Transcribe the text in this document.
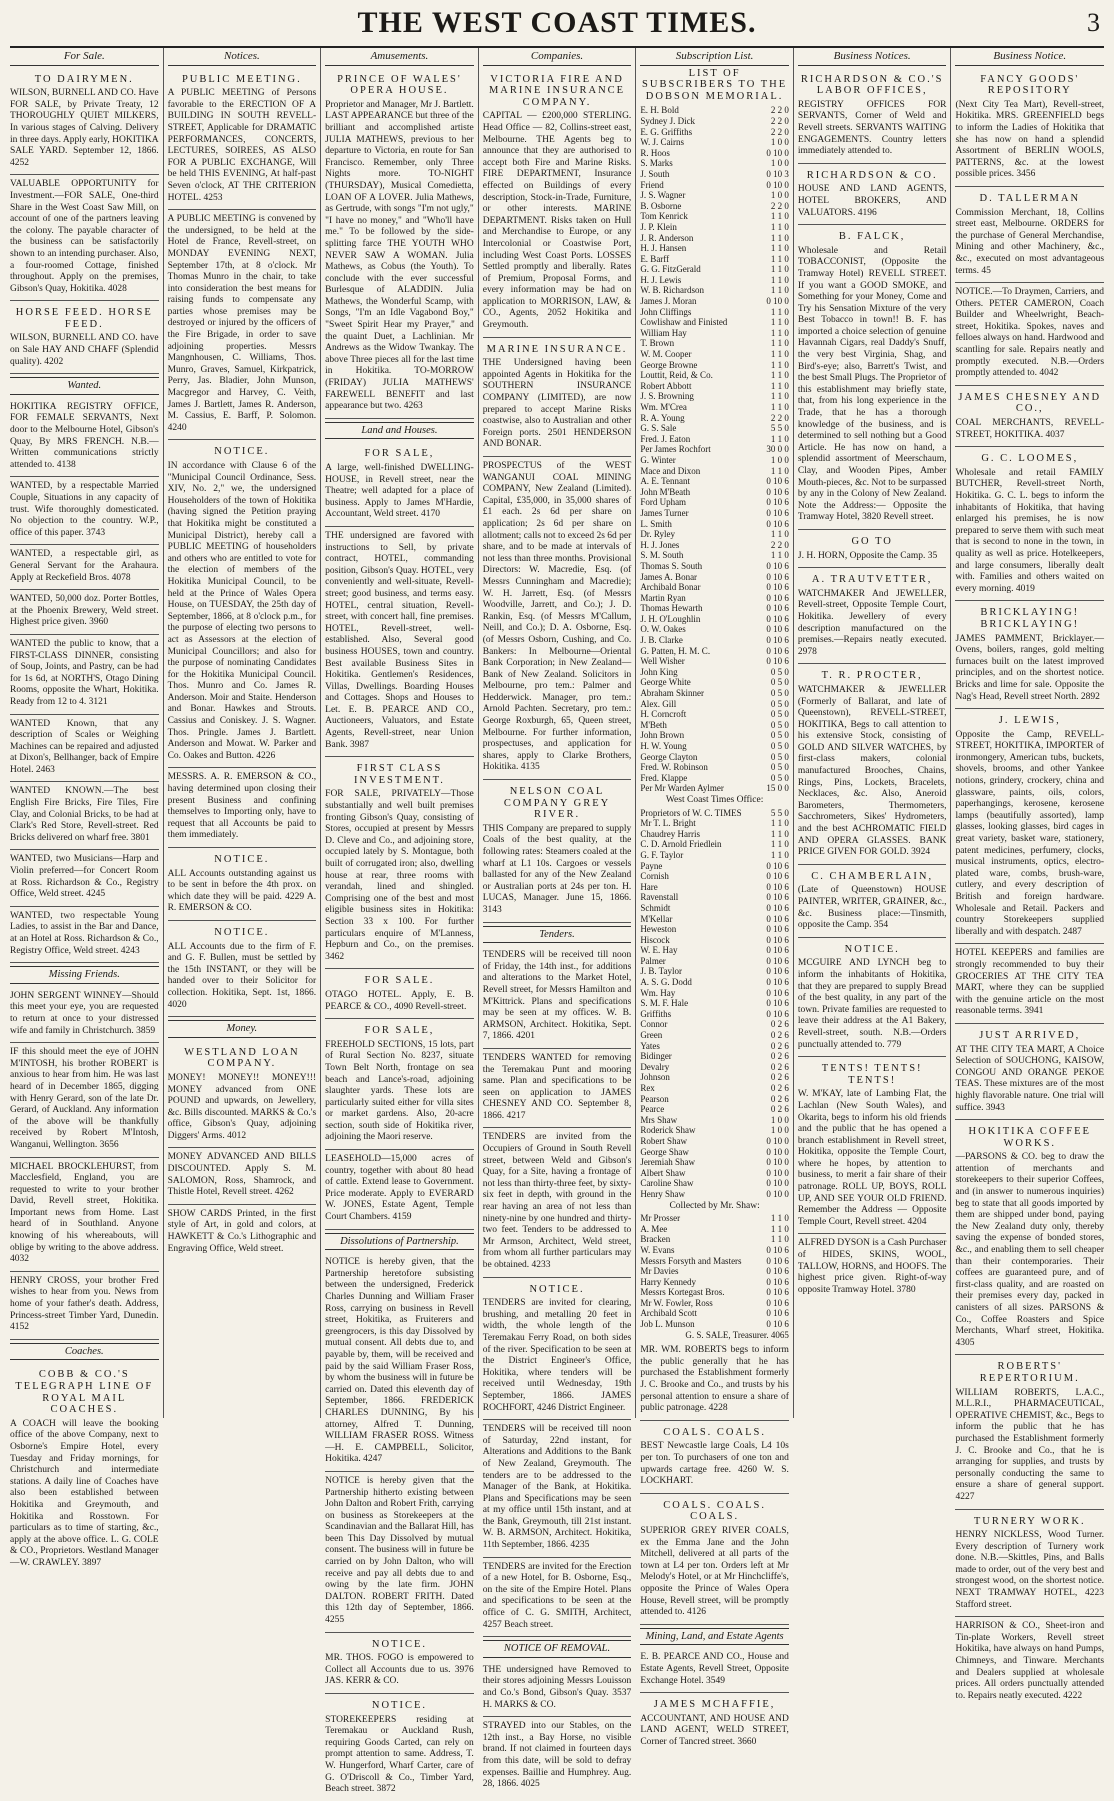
THE WEST COAST TIMES.	3
For Sale.
TO DAIRYMEN.

WILSON, BURNELL AND CO. Have FOR SALE, by Private Treaty, 12 THOROUGHLY QUIET MILKERS, In various stages of Calving. Delivery in three days. Apply early, HOKITIKA SALE YARD. September 12, 1866. 4252

VALUABLE OPPORTUNITY for Investment.—FOR SALE, One-third Share in the West Coast Saw Mill, on account of one of the partners leaving the colony. The payable character of the business can be satisfactorily shown to an intending purchaser. Also, a four-roomed Cottage, finished throughout. Apply on the premises, Gibson's Quay, Hokitika. 4028

HORSE FEED. HORSE FEED.

WILSON, BURNELL AND CO. have on Sale HAY AND CHAFF (Splendid quality). 4202

Wanted.

HOKITIKA REGISTRY OFFICE, FOR FEMALE SERVANTS, Next door to the Melbourne Hotel, Gibson's Quay, By MRS FRENCH. N.B.—Written communications strictly attended to. 4138

WANTED, by a respectable Married Couple, Situations in any capacity of trust. Wife thoroughly domesticated. No objection to the country. W.P., office of this paper. 3743

WANTED, a respectable girl, as General Servant for the Arahaura. Apply at Reckefield Bros. 4078

WANTED, 50,000 doz. Porter Bottles, at the Phoenix Brewery, Weld street. Highest price given. 3960

WANTED the public to know, that a FIRST-CLASS DINNER, consisting of Soup, Joints, and Pastry, can be had for 1s 6d, at NORTH'S, Otago Dining Rooms, opposite the Whart, Hokitika. Ready from 12 to 4. 3121

WANTED Known, that any description of Scales or Weighing Machines can be repaired and adjusted at Dixon's, Bellhanger, back of Empire Hotel. 2463

WANTED KNOWN.—The best English Fire Bricks, Fire Tiles, Fire Clay, and Colonial Bricks, to be had at Clark's Red Store, Revell-street. Red Bricks delivered on wharf free. 3801

WANTED, two Musicians—Harp and Violin preferred—for Concert Room at Ross. Richardson & Co., Registry Office, Weld street. 4245

WANTED, two respectable Young Ladies, to assist in the Bar and Dance, at an Hotel at Ross. Richardson & Co., Registry Office, Weld street. 4243

Missing Friends.

JOHN SERGENT WINNEY—Should this meet your eye, you are requested to return at once to your distressed wife and family in Christchurch. 3859

IF this should meet the eye of JOHN M'INTOSH, his brother ROBERT is anxious to hear from him. He was last heard of in December 1865, digging with Henry Gerard, son of the late Dr. Gerard, of Auckland. Any information of the above will be thankfully received by Robert M'Intosh, Wanganui, Wellington. 3656

MICHAEL BROCKLEHURST, from Macclesfield, England, you are requested to write to your brother David, Revell street, Hokitika. Important news from Home. Last heard of in Southland. Anyone knowing of his whereabouts, will oblige by writing to the above address. 4032

HENRY CROSS, your brother Fred wishes to hear from you. News from home of your father's death. Address, Princess-street Timber Yard, Dunedin. 4152

Coaches.
COBB & CO.'S TELEGRAPH LINE OF ROYAL MAIL COACHES.

A COACH will leave the booking office of the above Company, next to Osborne's Empire Hotel, every Tuesday and Friday mornings, for Christchurch and intermediate stations. A daily line of Coaches have also been established between Hokitika and Greymouth, and Hokitika and Rosstown. For particulars as to time of starting, &c., apply at the above office. L. G. COLE & CO., Proprietors. Westland Manager—W. CRAWLEY. 3897

Notices.
PUBLIC MEETING.

A PUBLIC MEETING of Persons favorable to the ERECTION OF A BUILDING IN SOUTH REVELL-STREET, Applicable for DRAMATIC PERFORMANCES, CONCERTS, LECTURES, SOIREES, AS ALSO FOR A PUBLIC EXCHANGE, Will be held THIS EVENING, At half-past Seven o'clock, AT THE CRITERION HOTEL. 4253

A PUBLIC MEETING is convened by the undersigned, to be held at the Hotel de France, Revell-street, on MONDAY EVENING NEXT, September 17th, at 8 o'clock. Mr Thomas Munro in the chair, to take into consideration the best means for raising funds to compensate any parties whose premises may be destroyed or injured by the officers of the Fire Brigade, in order to save adjoining properties. Messrs Mangnhousen, C. Williams, Thos. Munro, Graves, Samuel, Kirkpatrick, Perry, Jas. Bladier, John Munson, Macgregor and Harvey, C. Veith, James J. Bartlett, James R. Anderson, M. Cassius, E. Barff, P. Solomon. 4240

NOTICE.

IN accordance with Clause 6 of the "Municipal Council Ordinance, Sess. XIV, No. 2," we, the undersigned Householders of the town of Hokitika (having signed the Petition praying that Hokitika might be constituted a Municipal District), hereby call a PUBLIC MEETING of householders and others who are entitled to vote for the election of members of the Hokitika Municipal Council, to be held at the Prince of Wales Opera House, on TUESDAY, the 25th day of September, 1866, at 8 o'clock p.m., for the purpose of electing two persons to act as Assessors at the election of Municipal Councillors; and also for the purpose of nominating Candidates for the Hokitika Municipal Council. Thos. Munro and Co. James R. Anderson. Moir and Staite. Henderson and Bonar. Hawkes and Strouts. Cassius and Coniskey. J. S. Wagner. Thos. Pringle. James J. Bartlett. Anderson and Mowat. W. Parker and Co. Oakes and Button. 4226

MESSRS. A. R. EMERSON & CO., having determined upon closing their present Business and confining themselves to Importing only, have to request that all Accounts be paid to them immediately.

NOTICE.

ALL Accounts outstanding against us to be sent in before the 4th prox. on which date they will be paid. 4229 A. R. EMERSON & CO.

NOTICE.

ALL Accounts due to the firm of F. and G. F. Bullen, must be settled by the 15th INSTANT, or they will be handed over to their Solicitor for collection. Hokitika, Sept. 1st, 1866. 4020

Money.
WESTLAND LOAN COMPANY.

MONEY! MONEY!! MONEY!!! MONEY advanced from ONE POUND and upwards, on Jewellery, &c. Bills discounted. MARKS & Co.'s office, Gibson's Quay, adjoining Diggers' Arms. 4012

MONEY ADVANCED AND BILLS DISCOUNTED. Apply S. M. SALOMON, Ross, Shamrock, and Thistle Hotel, Revell street. 4262

SHOW CARDS Printed, in the first style of Art, in gold and colors, at HAWKETT & Co.'s Lithographic and Engraving Office, Weld street.

Amusements.
PRINCE OF WALES' OPERA HOUSE.

Proprietor and Manager, Mr J. Bartlett. LAST APPEARANCE but three of the brilliant and accomplished artiste JULIA MATHEWS, previous to her departure to Victoria, en route for San Francisco. Remember, only Three Nights more. TO-NIGHT (THURSDAY), Musical Comedietta, LOAN OF A LOVER. Julia Mathews, as Gertrude, with songs "I'm not ugly," "I have no money," and "Who'll have me." To be followed by the side-splitting farce THE YOUTH WHO NEVER SAW A WOMAN. Julia Mathews, as Cobus (the Youth). To conclude with the ever successful Burlesque of ALADDIN. Julia Mathews, the Wonderful Scamp, with Songs, "I'm an Idle Vagabond Boy," "Sweet Spirit Hear my Prayer," and the quaint Duet, a Lachlinian. Mr Andrews as the Widow Twankay. The above Three pieces all for the last time in Hokitika. TO-MORROW (FRIDAY) JULIA MATHEWS' FAREWELL BENEFIT and last appearance but two. 4263

Land and Houses.
FOR SALE,

A large, well-finished DWELLING-HOUSE, in Revell street, near the Theatre; well adapted for a place of business. Apply to James M'Hardie, Accountant, Weld street. 4170

THE undersigned are favored with instructions to Sell, by private contract, HOTEL, commanding position, Gibson's Quay. HOTEL, very conveniently and well-situate, Revell-street; good business, and terms easy. HOTEL, central situation, Revell-street, with concert hall, fine premises. HOTEL, Revell-street, well-established. Also, Several good business HOUSES, town and country. Best available Business Sites in Hokitika. Gentlemen's Residences, Villas, Dwellings. Boarding Houses and Cottages. Shops and Houses to Let. E. B. PEARCE AND CO., Auctioneers, Valuators, and Estate Agents, Revell-street, near Union Bank. 3987

FIRST CLASS INVESTMENT.

FOR SALE, PRIVATELY—Those substantially and well built premises fronting Gibson's Quay, consisting of Stores, occupied at present by Messrs D. Cleve and Co., and adjoining store, occupied lately by S. Montague, both built of corrugated iron; also, dwelling house at rear, three rooms with verandah, lined and shingled. Comprising one of the best and most eligible business sites in Hokitika: Section 33 x 100. For further particulars enquire of M'Lanness, Hepburn and Co., on the premises. 3462

FOR SALE.

OTAGO HOTEL. Apply, E. B. PEARCE & CO., 4090 Revell-street.

FOR SALE,

FREEHOLD SECTIONS, 15 lots, part of Rural Section No. 8237, situate Town Belt North, frontage on sea beach and Lance's-road, adjoining slaughter yards. These lots are particularly suited either for villa sites or market gardens. Also, 20-acre section, south side of Hokitika river, adjoining the Maori reserve.

LEASEHOLD—15,000 acres of country, together with about 80 head of cattle. Extend lease to Government. Price moderate. Apply to EVERARD W. JONES, Estate Agent, Temple Court Chambers. 4159

Dissolutions of Partnership.

NOTICE is hereby given, that the Partnership heretofore subsisting between the undersigned, Frederick Charles Dunning and William Fraser Ross, carrying on business in Revell street, Hokitika, as Fruiterers and greengrocers, is this day Dissolved by mutual consent. All debts due to, and payable by, them, will be received and paid by the said William Fraser Ross, by whom the business will in future be carried on. Dated this eleventh day of September, 1866. FREDERICK CHARLES DUNNING, By his attorney, Alfred T. Dunning, WILLIAM FRASER ROSS. Witness—H. E. CAMPBELL, Solicitor, Hokitika. 4247

NOTICE is hereby given that the Partnership hitherto existing between John Dalton and Robert Frith, carrying on business as Storekeepers at the Scandinavian and the Ballarat Hill, has been This Day Dissolved by mutual consent. The business will in future be carried on by John Dalton, who will receive and pay all debts due to and owing by the late firm. JOHN DALTON. ROBERT FRITH. Dated this 12th day of September, 1866. 4255

NOTICE.

MR. THOS. FOGO is empowered to Collect all Accounts due to us. 3976 JAS. KERR & CO.

NOTICE.

STOREKEEPERS residing at Teremakau or Auckland Rush, requiring Goods Carted, can rely on prompt attention to same. Address, T. W. Hungerford, Wharf Carter, care of G. O'Driscoll & Co., Timber Yard, Beach street. 3872

Companies.
VICTORIA FIRE AND MARINE INSURANCE COMPANY.

CAPITAL — £200,000 STERLING. Head Office — 82, Collins-street east, Melbourne. THE Agents beg to announce that they are authorised to accept both Fire and Marine Risks. FIRE DEPARTMENT, Insurance effected on Buildings of every description, Stock-in-Trade, Furniture, or other interests. MARINE DEPARTMENT. Risks taken on Hull and Merchandise to Europe, or any Intercolonial or Coastwise Port, including West Coast Ports. LOSSES Settled promptly and liberally. Rates of Premium, Proposal Forms, and every information may be had on application to MORRISON, LAW, & CO., Agents, 2052 Hokitika and Greymouth.

MARINE INSURANCE.

THE Undersigned having been appointed Agents in Hokitika for the SOUTHERN INSURANCE COMPANY (LIMITED), are now prepared to accept Marine Risks coastwise, also to Australian and other Foreign ports. 2501 HENDERSON AND BONAR.

PROSPECTUS of the WEST WANGANUI COAL MINING COMPANY, New Zealand (Limited). Capital, £35,000, in 35,000 shares of £1 each. 2s 6d per share on application; 2s 6d per share on allotment; calls not to exceed 2s 6d per share, and to be made at intervals of not less than three months. Provisional Directors: W. Macredie, Esq. (of Messrs Cunningham and Macredie); W. H. Jarrett, Esq. (of Messrs Woodville, Jarrett, and Co.); J. D. Rankin, Esq. (of Messrs M'Callum, Neill, and Co.); D. A. Osborne, Esq. (of Messrs Osborn, Cushing, and Co. Bankers: In Melbourne—Oriental Bank Corporation; in New Zealand—Bank of New Zealand. Solicitors in Melbourne, pro tem.: Palmer and Hedderwick. Manager, pro tem.: Arnold Pachten. Secretary, pro tem.: George Roxburgh, 65, Queen street, Melbourne. For further information, prospectuses, and application for shares, apply to Clarke Brothers, Hokitika. 4135

NELSON COAL COMPANY GREY RIVER.

THIS Company are prepared to supply Coals of the best quality, at the following rates: Steamers coaled at the wharf at L1 10s. Cargoes or vessels ballasted for any of the New Zealand or Australian ports at 24s per ton. H. LUCAS, Manager. June 15, 1866. 3143

Tenders.

TENDERS will be received till noon of Friday, the 14th inst., for additions and alterations to the Market Hotel, Revell street, for Messrs Hamilton and M'Kittrick. Plans and specifications may be seen at my offices. W. B. ARMSON, Architect. Hokitika, Sept. 7, 1866. 4201

TENDERS WANTED for removing the Teremakau Punt and mooring same. Plan and specifications to be seen on application to JAMES CHESNEY AND CO. September 8, 1866. 4217

TENDERS are invited from the Occupiers of Ground in South Revell street, between Weld and Gibson's Quay, for a Site, having a frontage of not less than thirty-three feet, by sixty-six feet in depth, with ground in the rear having an area of not less than ninety-nine by one hundred and thirty-two feet. Tenders to be addressed to Mr Armson, Architect, Weld street, from whom all further particulars may be obtained. 4233

NOTICE.

TENDERS are invited for clearing, brushing, and metalling 20 feet in width, the whole length of the Teremakau Ferry Road, on both sides of the river. Specification to be seen at the District Engineer's Office, Hokitika, where tenders will be received until Wednesday, 19th September, 1866. JAMES ROCHFORT, 4246 District Engineer.

TENDERS will be received till noon of Saturday, 22nd instant, for Alterations and Additions to the Bank of New Zealand, Greymouth. The tenders are to be addressed to the Manager of the Bank, at Hokitika. Plans and Specifications may be seen at my office until 15th instant, and at the Bank, Greymouth, till 21st instant. W. B. ARMSON, Architect. Hokitika, 11th September, 1866. 4235

TENDERS are invited for the Erection of a new Hotel, for B. Osborne, Esq., on the site of the Empire Hotel. Plans and specifications to be seen at the office of C. G. SMITH, Architect, 4257 Beach street.

NOTICE OF REMOVAL.

THE undersigned have Removed to their stores adjoining Messrs Louisson and Co.'s Bond, Gibson's Quay. 3537 H. MARKS & CO.

STRAYED into our Stables, on the 12th inst., a Bay Horse, no visible brand. If not claimed in fourteen days from this date, will be sold to defray expenses. Baillie and Humphrey. Aug. 28, 1866. 4025

Subscription List.
LIST OF SUBSCRIBERS TO THE DOBSON MEMORIAL.
E. H. Bold	2 2 0
Sydney J. Dick	2 2 0
E. G. Griffiths	2 2 0
W. J. Cairns	1 0 0
R. Hoos	0 10 0
S. Marks	1 0 0
J. South	0 10 3
Friend	0 10 0
J. S. Wagner	1 0 0
B. Osborne	2 2 0
Tom Kenrick	1 1 0
J. P. Klein	1 1 0
J. R. Anderson	1 1 0
H. J. Hansen	1 1 0
E. Barff	1 1 0
G. G. FitzGerald	1 1 0
H. J. Lewis	1 1 0
W. B. Richardson	1 1 0
James J. Moran	0 10 0
John Cliffings	1 1 0
Cowlishaw and Finisted	1 1 0
William Hay	1 1 0
T. Brown	1 1 0
W. M. Cooper	1 1 0
George Browne	1 1 0
Louttit, Reid, & Co.	1 1 0
Robert Abbott	1 1 0
J. S. Browning	1 1 0
Wm. M'Crea	1 1 0
R. A. Young	2 2 0
G. S. Sale	5 5 0
Fred. J. Eaton	1 1 0
Per James Rochfort	30 0 0
G. Winter	1 0 0
Mace and Dixon	1 1 0
A. E. Tennant	0 10 6
John M'Beath	0 10 6
Ford Upham	0 10 6
James Turner	0 10 6
L. Smith	0 10 6
Dr. Ryley	1 1 0
H. J. Jones	2 2 0
S. M. South	1 1 0
Thomas S. South	0 10 6
James A. Bonar	0 10 6
Archibald Bonar	0 10 6
Martin Ryan	0 10 6
Thomas Hewarth	0 10 6
J. H. O'Loughlin	0 10 6
O. W. Oakes	0 10 6
J. B. Clarke	0 10 6
G. Patten, H. M. C.	0 10 6
Well Wisher	0 10 6
John King	0 5 0
George White	0 5 0
Abraham Skinner	0 5 0
Alex. Gill	0 5 0
H. Corncroft	0 5 0
M'Beth	0 5 0
John Brown	0 5 0
H. W. Young	0 5 0
George Clayton	0 5 0
Fred. W. Robinson	0 5 0
Fred. Klappe	0 5 0
Per Mr Warden Aylmer	15 0 0
West Coast Times Office:
Proprietors of W. C. TIMES	5 5 0
Mr T. L. Bright	1 1 0
Chaudrey Harris	1 1 0
C. D. Arnold Friedlein	1 1 0
G. F. Taylor	1 1 0
Payne	0 10 6
Cornish	0 10 6
Hare	0 10 6
Ravenstall	0 10 6
Schmidt	0 10 6
M'Kellar	0 10 6
Heweston	0 10 6
Hiscock	0 10 6
W. E. Hay	0 10 6
Palmer	0 10 6
J. B. Taylor	0 10 6
A. S. G. Dodd	0 10 6
Wm. Hay	0 10 6
S. M. F. Hale	0 10 6
Griffiths	0 10 6
Connor	0 2 6
Green	0 2 6
Yates	0 2 6
Bidinger	0 2 6
Devalry	0 2 6
Johnson	0 2 6
Rex	0 2 6
Pearson	0 2 6
Pearce	0 2 6
Mrs Shaw	1 0 0
Roderick Shaw	1 0 0
Robert Shaw	0 10 0
George Shaw	0 10 0
Jeremiah Shaw	0 10 0
Albert Shaw	0 10 0
Caroline Shaw	0 10 0
Henry Shaw	0 10 0
Collected by Mr. Shaw:
Mr Prosser	1 1 0
A. Mee	1 1 0
Bracken	1 1 0
W. Evans	0 10 6
Messrs Forsyth and Masters	0 10 6
Mr Davies	0 10 6
Harry Kennedy	0 10 6
Messrs Kortegast Bros.	0 10 6
Mr W. Fowler, Ross	0 10 6
Archibald Scott	0 10 6
Job L. Munson	0 10 6
G. S. SALE, Treasurer. 4065

MR. WM. ROBERTS begs to inform the public generally that he has purchased the Establishment formerly J. C. Brooke and Co., and trusts by his personal attention to ensure a share of public patronage. 4228

COALS. COALS.

BEST Newcastle large Coals, L4 10s per ton. To purchasers of one ton and upwards cartage free. 4260 W. S. LOCKHART.

COALS. COALS. COALS.

SUPERIOR GREY RIVER COALS, ex the Emma Jane and the John Mitchell, delivered at all parts of the town at L4 per ton. Orders left at Mr Melody's Hotel, or at Mr Hinchcliffe's, opposite the Prince of Wales Opera House, Revell street, will be promptly attended to. 4126

Mining, Land, and Estate Agents

E. B. PEARCE AND CO., House and Estate Agents, Revell Street, Opposite Exchange Hotel. 3549

JAMES MCHAFFIE,

ACCOUNTANT, AND HOUSE AND LAND AGENT, WELD STREET, Corner of Tancred street. 3660

Business Notices.
RICHARDSON & CO.'S LABOR OFFICES,

REGISTRY OFFICES FOR SERVANTS, Corner of Weld and Revell streets. SERVANTS WAITING ENGAGEMENTS. Country letters immediately attended to.

RICHARDSON & CO.

HOUSE AND LAND AGENTS, HOTEL BROKERS, AND VALUATORS. 4196

B. FALCK,

Wholesale and Retail TOBACCONIST, (Opposite the Tramway Hotel) REVELL STREET. If you want a GOOD SMOKE, and Something for your Money, Come and Try his Sensation Mixture of the very Best Tobacco in town!! B. F. has imported a choice selection of genuine Havannah Cigars, real Daddy's Snuff, the very best Virginia, Shag, and Bird's-eye; also, Barrett's Twist, and the best Small Plugs. The Proprietor of this establishment may briefly state, that, from his long experience in the Trade, that he has a thorough knowledge of the business, and is determined to sell nothing but a Good Article. He has now on hand, a splendid assortment of Meerschaum, Clay, and Wooden Pipes, Amber Mouth-pieces, &c. Not to be surpassed by any in the Colony of New Zealand. Note the Address:— Opposite the Tramway Hotel, 3820 Revell street.

GO TO

J. H. HORN, Opposite the Camp. 35

A. TRAUTVETTER,

WATCHMAKER And JEWELLER, Revell-street, Opposite Temple Court, Hokitika. Jewellery of every description manufactured on the premises.—Repairs neatly executed. 2978

T. R. PROCTER,

WATCHMAKER & JEWELLER (Formerly of Ballarat, and late of Queenstown), REVELL-STREET, HOKITIKA, Begs to call attention to his extensive Stock, consisting of GOLD AND SILVER WATCHES, by first-class makers, colonial manufactured Brooches, Chains, Rings, Pins, Lockets, Bracelets, Necklaces, &c. Also, Aneroid Barometers, Thermometers, Sacchrometers, Sikes' Hydrometers, and the best ACHROMATIC FIELD AND OPERA GLASSES. BANK PRICE GIVEN FOR GOLD. 3924

C. CHAMBERLAIN,

(Late of Queenstown) HOUSE PAINTER, WRITER, GRAINER, &c., &c. Business place:—Tinsmith, opposite the Camp. 354

NOTICE.

MCGUIRE AND LYNCH beg to inform the inhabitants of Hokitika, that they are prepared to supply Bread of the best quality, in any part of the town. Private families are requested to leave their address at the A1 Bakery, Revell-street, south. N.B.—Orders punctually attended to. 779

TENTS! TENTS! TENTS!

W. M'KAY, late of Lambing Flat, the Lachlan (New South Wales), and Okarita, begs to inform his old friends and the public that he has opened a branch establishment in Revell street, Hokitika, opposite the Temple Court, where he hopes, by attention to business, to merit a fair share of their patronage. ROLL UP, BOYS, ROLL UP, AND SEE YOUR OLD FRIEND. Remember the Address — Opposite Temple Court, Revell street. 4204

ALFRED DYSON is a Cash Purchaser of HIDES, SKINS, WOOL, TALLOW, HORNS, and HOOFS. The highest price given. Right-of-way opposite Tramway Hotel. 3780

Business Notice.
FANCY GOODS' REPOSITORY

(Next City Tea Mart), Revell-street, Hokitika. MRS. GREENFIELD begs to inform the Ladies of Hokitika that she has now on hand a splendid Assortment of BERLIN WOOLS, PATTERNS, &c. at the lowest possible prices. 3456

D. TALLERMAN

Commission Merchant, 18, Collins street east, Melbourne. ORDERS for the purchase of General Merchandise, Mining and other Machinery, &c., &c., executed on most advantageous terms. 45

NOTICE.—To Draymen, Carriers, and Others. PETER CAMERON, Coach Builder and Wheelwright, Beach-street, Hokitika. Spokes, naves and felloes always on hand. Hardwood and scantling for sale. Repairs neatly and promptly executed. N.B.—Orders promptly attended to. 4042

JAMES CHESNEY AND CO.,

COAL MERCHANTS, REVELL-STREET, HOKITIKA. 4037

G. C. LOOMES,

Wholesale and retail FAMILY BUTCHER, Revell-street North, Hokitika. G. C. L. begs to inform the inhabitants of Hokitika, that having enlarged his premises, he is now prepared to serve them with such meat that is second to none in the town, in quality as well as price. Hotelkeepers, and large consumers, liberally dealt with. Families and others waited on every morning. 4019

BRICKLAYING! BRICKLAYING!

JAMES PAMMENT, Bricklayer.—Ovens, boilers, ranges, gold melting furnaces built on the latest improved principles, and on the shortest notice. Bricks and lime for sale. Opposite the Nag's Head, Revell street North. 2892

J. LEWIS,

Opposite the Camp, REVELL-STREET, HOKITIKA, IMPORTER of ironmongery, American tubs, buckets, shovels, brooms, and other Yankee notions, grindery, crockery, china and glassware, paints, oils, colors, paperhangings, kerosene, kerosene lamps (beautifully assorted), lamp glasses, looking glasses, bird cages in great variety, basket ware, stationery, patent medicines, perfumery, clocks, musical instruments, optics, electro-plated ware, combs, brush-ware, cutlery, and every description of British and foreign hardware. Wholesale and Retail. Packers and country Storekeepers supplied liberally and with despatch. 2487

HOTEL KEEPERS and families are strongly recommended to buy their GROCERIES AT THE CITY TEA MART, where they can be supplied with the genuine article on the most reasonable terms. 3941

JUST ARRIVED,

AT THE CITY TEA MART, A Choice Selection of SOUCHONG, KAISOW, CONGOU AND ORANGE PEKOE TEAS. These mixtures are of the most highly flavorable nature. One trial will suffice. 3943

HOKITIKA COFFEE WORKS.

—PARSONS & CO. beg to draw the attention of merchants and storekeepers to their superior Coffees, and (in answer to numerous inquiries) beg to state that all goods imported by them are shipped under bond, paying the New Zealand duty only, thereby saving the expense of bonded stores, &c., and enabling them to sell cheaper than their contemporaries. Their coffees are guaranteed pure, and of first-class quality, and are roasted on their premises every day, packed in canisters of all sizes. PARSONS & Co., Coffee Roasters and Spice Merchants, Wharf street, Hokitika. 4305

ROBERTS' REPERTORIUM.

WILLIAM ROBERTS, L.A.C., M.L.R.I., PHARMACEUTICAL, OPERATIVE CHEMIST, &c., Begs to inform the public that he has purchased the Establishment formerly J. C. Brooke and Co., that he is arranging for supplies, and trusts by personally conducting the same to ensure a share of general support. 4227

TURNERY WORK.

HENRY NICKLESS, Wood Turner. Every description of Turnery work done. N.B.—Skittles, Pins, and Balls made to order, out of the very best and strongest wood, on the shortest notice. NEXT TRAMWAY HOTEL, 4223 Stafford street.

HARRISON & CO., Sheet-iron and Tin-plate Workers, Revell street Hokitika, have always on hand Pumps, Chimneys, and Tinware. Merchants and Dealers supplied at wholesale prices. All orders punctually attended to. Repairs neatly executed. 4222
